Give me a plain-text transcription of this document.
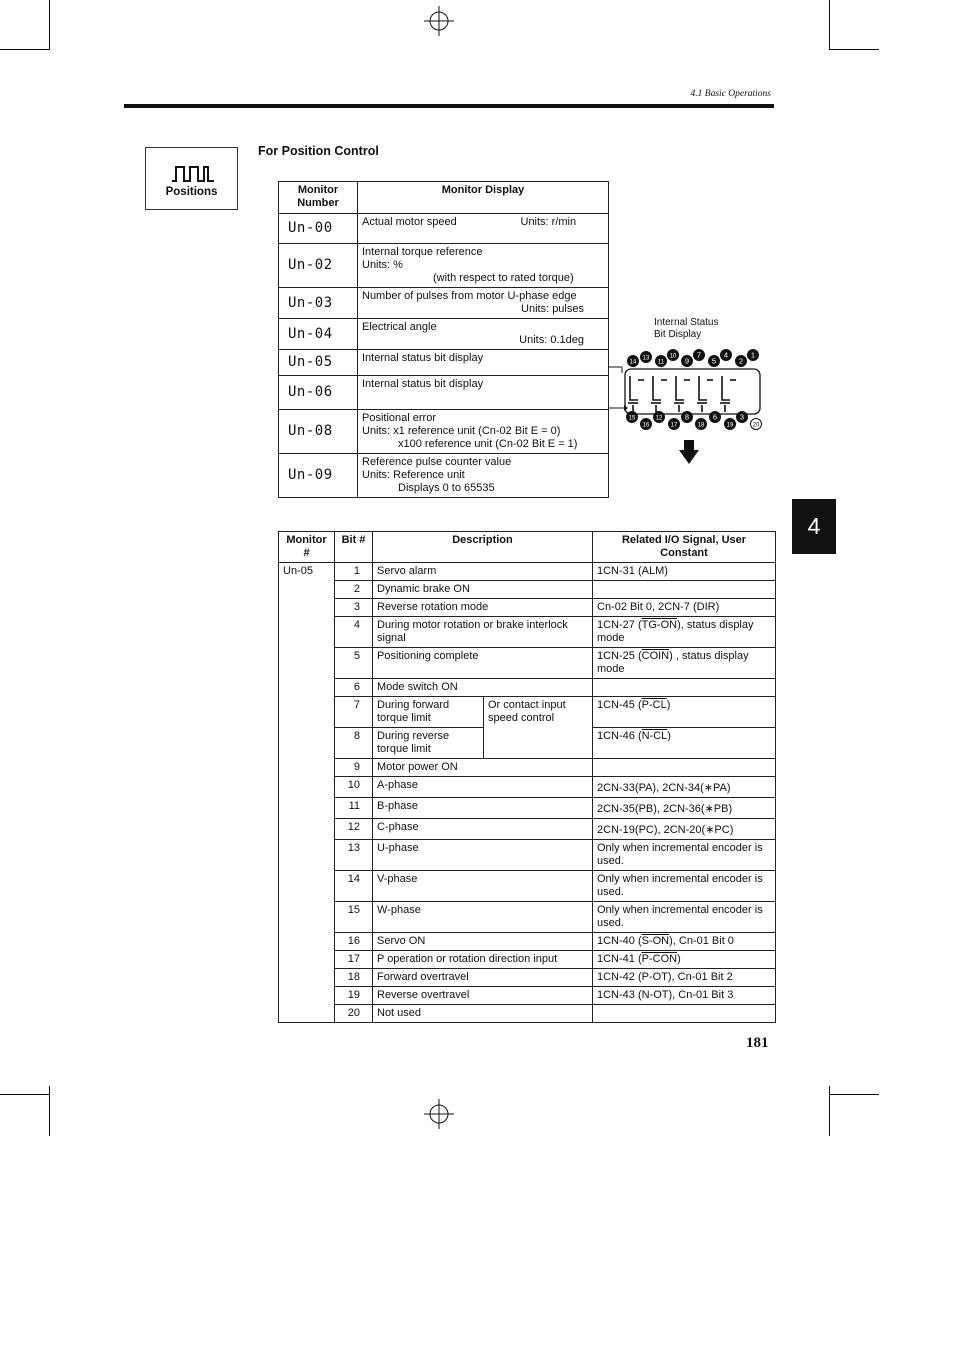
4.1 Basic Operations
Positions
For Position Control
Monitor Number	Monitor Display
Un-00	Actual motor speed Units: r/min

Un-02	Internal torque reference
Units: %
(with respect to rated torque)

Un-03	Number of pulses from motor U-phase edge
Units: pulses

Un-04	Electrical angle
Units: 0.1deg

Un-05	Internal status bit display
Un-06	Internal status bit display
Un-08	Positional error
Units: x1 reference unit (Cn-02 Bit E = 0)
x100 reference unit (Cn-02 Bit E = 1)

Un-09	Reference pulse counter value
Units: Reference unit
Displays 0 to 65535
Internal Status
Bit Display
14
13
11
10 9
7
5
4
2
1
15
16
12
17
8
18
6
19
3
20
Monitor #	Bit #	Description		Related I/O Signal, User Constant
Un-05	1	Servo alarm		1CN-31 (ALM)
	2	Dynamic brake ON		
	3	Reverse rotation mode		Cn-02 Bit 0, 2CN-7 (DIR)
	4	During motor rotation or brake interlock signal		1CN-27 (TG-ON), status display mode
	5	Positioning complete		1CN-25 (COIN) , status display mode
	6	Mode switch ON		
	7	During forward torque limit	Or contact input speed control	1CN-45 (P-CL)
	8	During reverse torque limit		1CN-46 (N-CL)
	9	Motor power ON		
	10	A-phase		2CN-33(PA), 2CN-34(∗PA)
	11	B-phase		2CN-35(PB), 2CN-36(∗PB)
	12	C-phase		2CN-19(PC), 2CN-20(∗PC)
	13	U-phase		Only when incremental encoder is used.
	14	V-phase		Only when incremental encoder is used.
	15	W-phase		Only when incremental encoder is used.
	16	Servo ON		1CN-40 (S-ON), Cn-01 Bit 0
	17	P operation or rotation direction input		1CN-41 (P-CON)
	18	Forward overtravel		1CN-42 (P-OT), Cn-01 Bit 2
	19	Reverse overtravel		1CN-43 (N-OT), Cn-01 Bit 3
	20	Not used		
4
181
